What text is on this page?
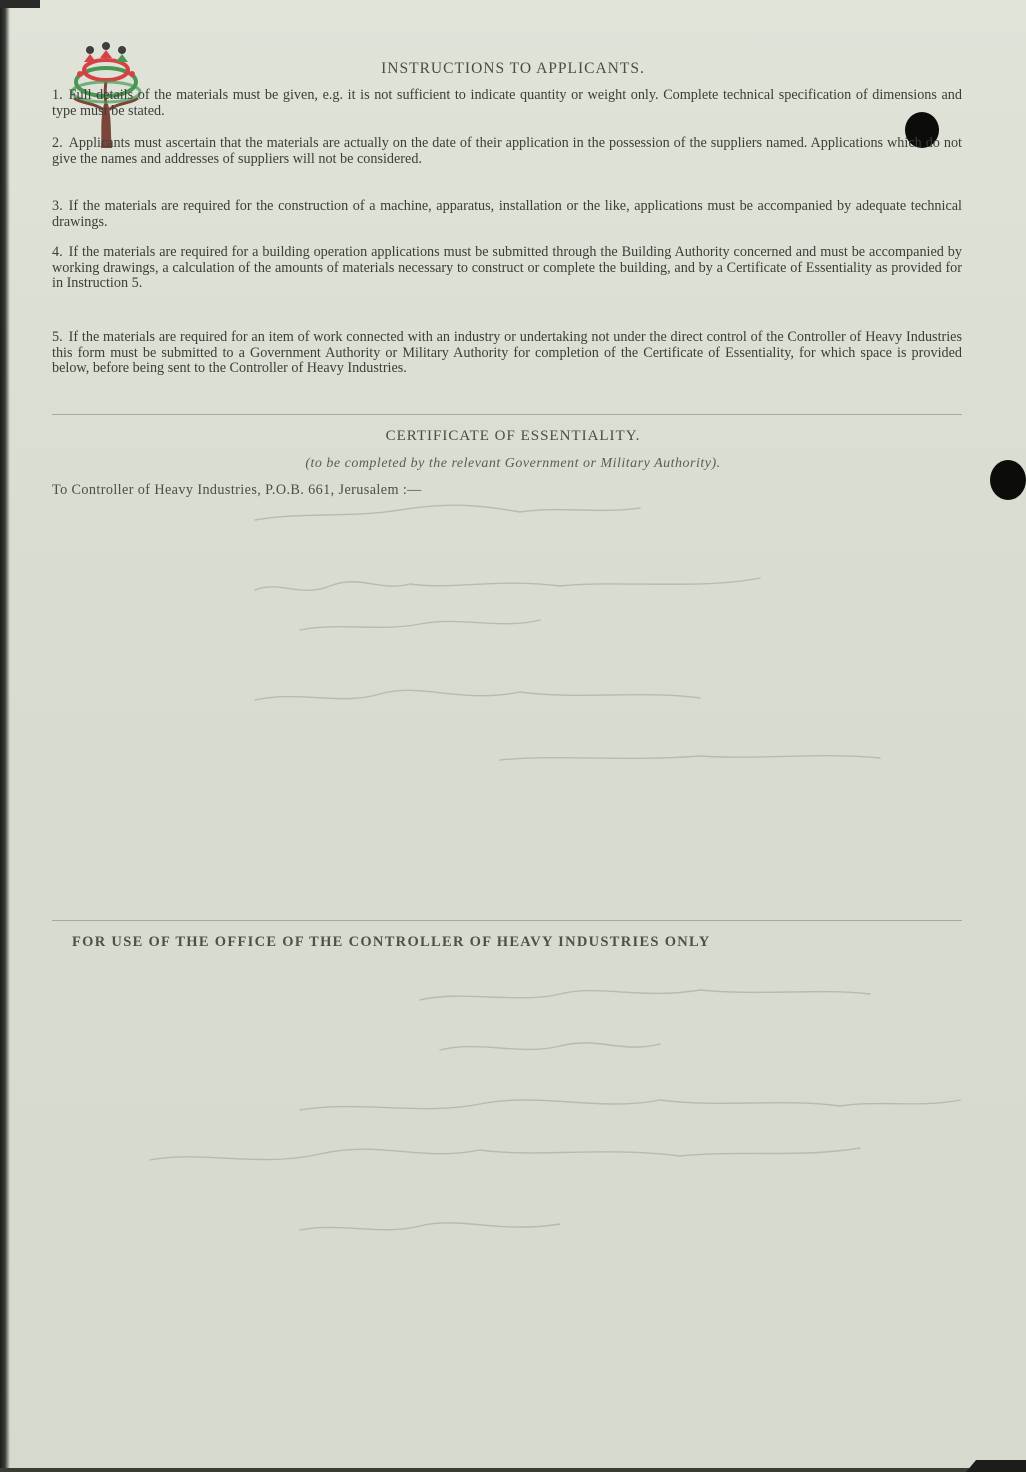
INSTRUCTIONS TO APPLICANTS.
1. Full details of the materials must be given, e.g. it is not sufficient to indicate quantity or weight only. Complete technical specification of dimensions and type must be stated.
2. Applicants must ascertain that the materials are actually on the date of their application in the possession of the suppliers named. Applications which do not give the names and addresses of suppliers will not be considered.
3. If the materials are required for the construction of a machine, apparatus, installation or the like, applications must be accompanied by adequate technical drawings.
4. If the materials are required for a building operation applications must be submitted through the Building Authority concerned and must be accompanied by working drawings, a calculation of the amounts of materials necessary to construct or complete the building, and by a Certificate of Essentiality as provided for in Instruction 5.
5. If the materials are required for an item of work connected with an industry or undertaking not under the direct control of the Controller of Heavy Industries this form must be submitted to a Government Authority or Military Authority for completion of the Certificate of Essentiality, for which space is provided below, before being sent to the Controller of Heavy Industries.
CERTIFICATE OF ESSENTIALITY.
(to be completed by the relevant Government or Military Authority).
To Controller of Heavy Industries, P.O.B. 661, Jerusalem :—
FOR USE OF THE OFFICE OF THE CONTROLLER OF HEAVY INDUSTRIES ONLY
